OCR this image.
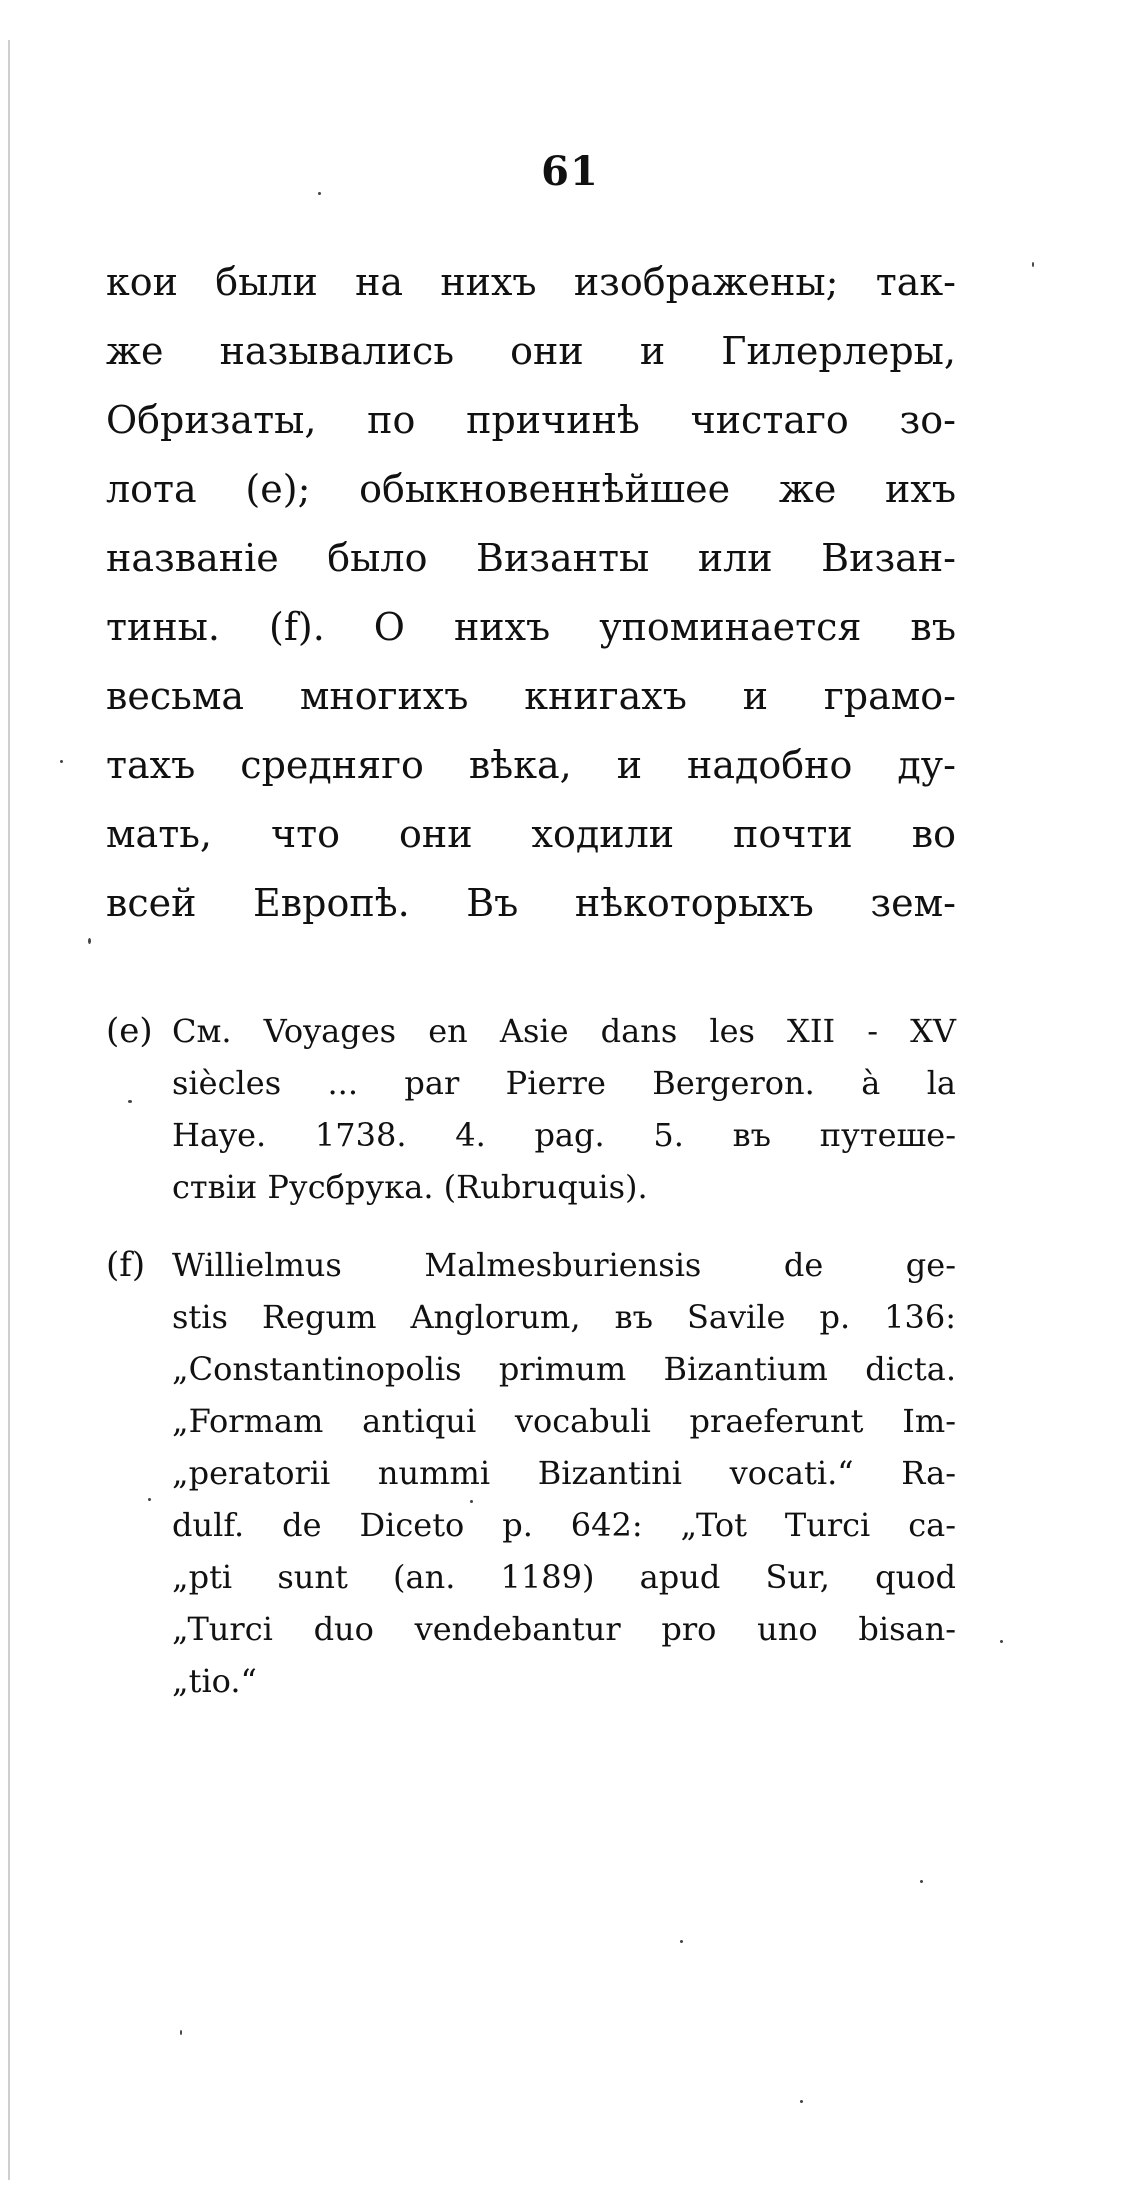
61
кои были на нихъ изображены; так-
же назывались они и Гилерлеры,
Обризаты, по причинѣ чистаго зо-
лота (е); обыкновеннѣйшее же ихъ
названіе было Византы или Визан-
тины. (f). О нихъ упоминается въ
весьма многихъ книгахъ и грамо-
тахъ средняго вѣка, и надобно ду-
мать, что они ходили почти во
всей Европѣ. Въ нѣкоторыхъ зем-
(e) См. Voyages en Asie dans les XII - XV
siècles ... par Pierre Bergeron. à la
Haye. 1738. 4. pag. 5. въ путеше-
ствіи Русбрука. (Rubruquis).
(f) Willielmus Malmesburiensis de ge-
stis Regum Anglorum, въ Savile p. 136:
„Constantinopolis primum Bizantium dicta.
„Formam antiqui vocabuli praeferunt Im-
„peratorii nummi Bizantini vocati.“ Ra-
dulf. de Diceto p. 642: „Tot Turci ca-
„pti sunt (an. 1189) apud Sur, quod
„Turci duo vendebantur pro uno bisan-
„tio.“
